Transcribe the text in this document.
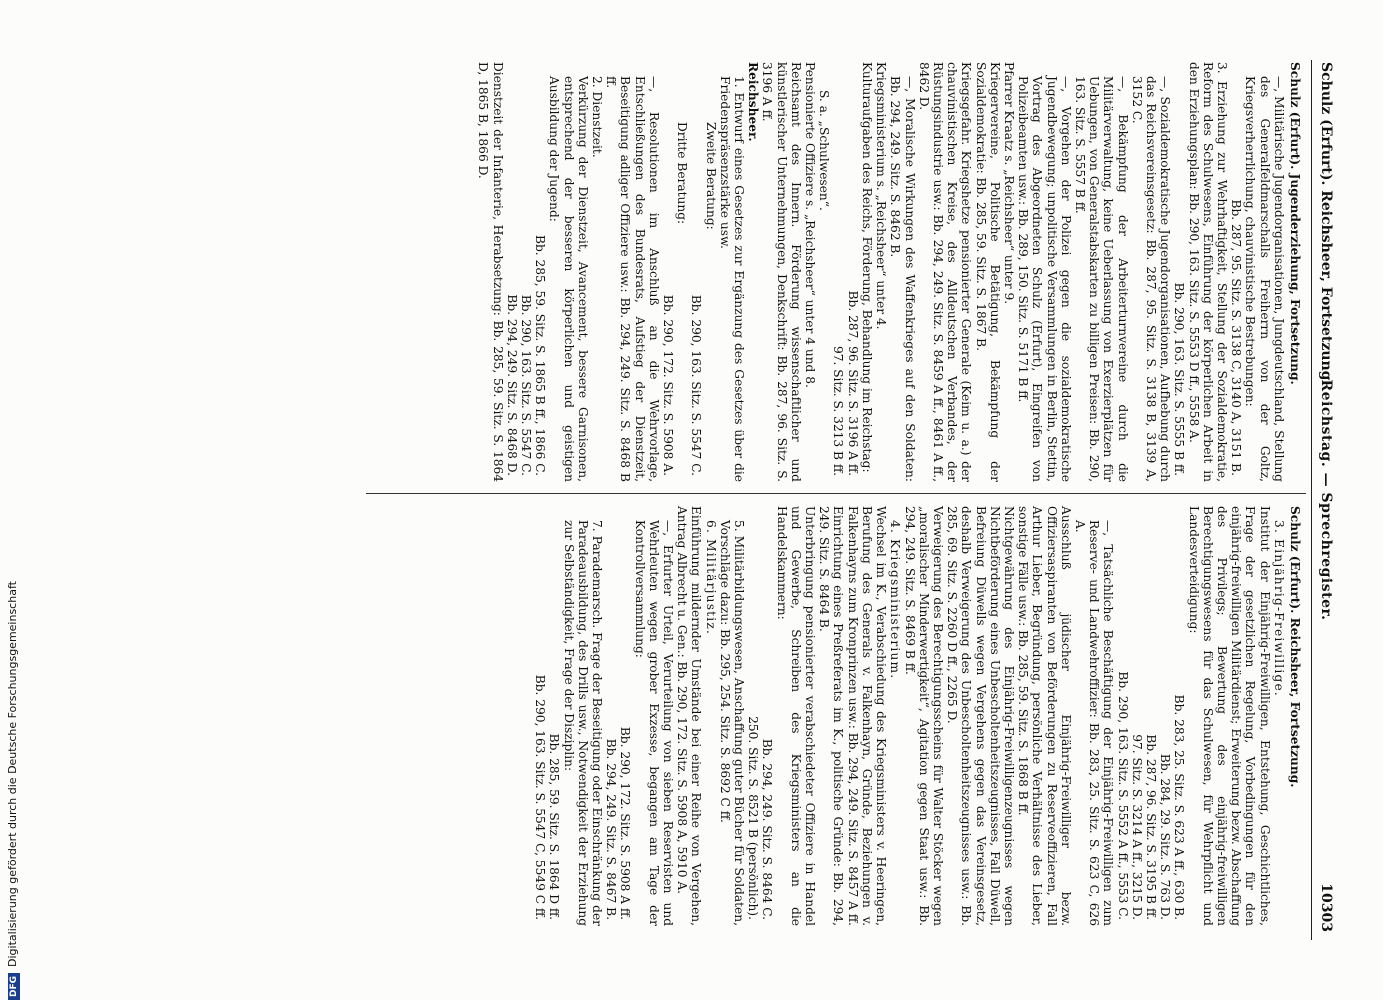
Schulz (Erfurt). Reichsheer, Fortsetzung.
Reichstag. — Sprechregister.
10303
Schulz (Erfurt). Jugenderziehung, Fortsetzung.

—, Militärische Jugendorganisationen, Jungdeutschland, Stellung des Generalfeldmarschalls Freiherrn von der Goltz, Kriegsverherrlichung, chauvinistische Bestrebungen:

Bb. 287, 95. Sitz. S. 3138 C, 3140 A, 3151 B.

3. Erziehung zur Wehrhaftigkeit, Stellung der Sozialdemokratie, Reform des Schulwesens, Einführung der körperlichen Arbeit in den Erziehungsplan: Bb. 290, 163. Sitz. S. 5553 D ff., 5558 A.

Bb. 290, 163. Sitz. S. 5555 B ff.

—, Sozialdemokratische Jugendorganisationen, Aufhebung durch das Reichsvereinsgesetz: Bb. 287, 95. Sitz. S. 3138 B, 3139 A, 3152 C.

—, Bekämpfung der Arbeiterturnvereine durch die Militärverwaltung, keine Ueberlassung von Exerzierplätzen für Uebungen, von Generalstabskarten zu billigen Preisen: Bb. 290, 163. Sitz. S. 5557 B ff.

—, Vorgehen der Polizei gegen die sozialdemokratische Jugendbewegung; unpolitische Versammlungen in Berlin, Stettin, Vortrag des Abgeordneten Schulz (Erfurt), Eingreifen von Polizeibeamten usw.: Bb. 289, 150. Sitz. S. 5171 B ff.

Pfarrer Kraatz s. „Reichsheer“ unter 9.

Kriegervereine, Politische Betätigung, Bekämpfung der Sozialdemokratie: Bb. 285, 59. Sitz. S. 1867 B.

Kriegsgefahr. Kriegshetze pensionierter Generale (Keim u. a.) der chauvinistischen Kreise, des Alldeutschen Verbandes, der Rüstungsindustrie usw.: Bb. 294, 249. Sitz. S. 8459 A ff., 8461 A ff., 8462 D.

—, Moralische Wirkungen des Waffenkrieges auf den Soldaten: Bb. 294, 249. Sitz. S. 8462 B.

Kriegsministerium s. „Reichsheer“ unter 4.

Kulturaufgaben des Reichs, Förderung, Behandlung im Reichstag:

Bb. 287, 96. Sitz. S. 3196 A ff.

97. Sitz. S. 3213 B ff.

S. a. „Schulwesen“.

Pensionierte Offiziere s. „Reichsheer“ unter 4 und 8.

Reichsamt des Innern. Förderung wissenschaftlicher und künstlerischer Unternehmungen, Denkschrift: Bb. 287, 96. Sitz. S. 3196 A ff.

Reichsheer.

1. Entwurf eines Gesetzes zur Ergänzung des Gesetzes über die Friedenspräsenzstärke usw.

Zweite Beratung:

Bb. 290, 163. Sitz. S. 5547 C.

Dritte Beratung:

Bb. 290, 172. Sitz. S. 5908 A.

—, Resolutionen im Anschluß an die Wehrvorlage, Entschließungen des Bundesrats, Aufstieg der Dienstzeit, Beseitigung adliger Offiziere usw.: Bb. 294, 249. Sitz. S. 8468 B ff.

2. Dienstzeit.

Verkürzung der Dienstzeit, Avancement, bessere Garnisonen, entsprechend der besseren körperlichen und geistigen Ausbildung der Jugend:

Bb. 285, 59. Sitz. S. 1865 B ff., 1866 C.

Bb. 290, 163. Sitz. S. 5547 C.

Bb. 294, 249. Sitz. S. 8468 D.

Dienstzeit der Infanterie, Herabsetzung: Bb. 285, 59. Sitz. S. 1864 D, 1865 B, 1866 D.

Schulz (Erfurt). Reichsheer, Fortsetzung.

3. Einjährig-Freiwillige.

Institut der Einjährig-Freiwilligen, Entstehung, Geschichtliches, Frage der gesetzlichen Regelung, Vorbedingungen für den einjährig-freiwilligen Militärdienst; Erweiterung bezw. Abschaffung des Privilegs; Bewertung des einjährig-freiwilligen Berechtigungswesens für das Schulwesen, für Wehrpflicht und Landesverteidigung:

Bb. 283, 25. Sitz. S. 623 A ff., 630 B.

Bb. 284, 29. Sitz. S. 763 D.

Bb. 287, 96. Sitz. S. 3195 B ff.

97. Sitz. S. 3214 A ff., 3215 D.

Bb. 290, 163. Sitz. S. 5552 A ff., 5553 C.

—, Tatsächliche Beschäftigung der Einjährig-Freiwilligen zum Reserve- und Landwehroffizier: Bb. 283, 25. Sitz. S. 623 C, 626 A.

Ausschluß jüdischer Einjährig-Freiwilliger bezw. Offiziersaspiranten von Beförderungen zu Reserveoffizieren, Fall Arthur Lieber, Begründung, persönliche Verhältnisse des Lieber, sonstige Fälle usw.: Bb. 285, 59. Sitz. S. 1868 B ff.

Nichtgewährung des Einjährig-Freiwilligenzeugnisses wegen Nichtbeförderung eines Unbescholtenheitszeugnisses, Fall Düwell, Befreiung Düwells wegen Vergehens gegen das Vereinsgesetz, deshalb Verweigerung des Unbescholtenheitszeugnisses usw.: Bb. 285, 69. Sitz. S. 2260 D ff., 2265 D.

Verweigerung des Berechtigungsscheins für Walter Stöcker wegen „moralischer Minderwertigkeit“, Agitation gegen Staat usw.: Bb. 294, 249. Sitz. S. 8469 B ff.

4. Kriegsministerium.

Wechsel im K., Verabschiedung des Kriegsministers v. Heeringen, Berufung des Generals v. Falkenhayn, Gründe, Beziehungen v. Falkenhayns zum Kronprinzen usw.: Bb. 294, 249. Sitz. S. 8457 A ff.

Einrichtung eines Preßreferats im K., politische Gründe: Bb. 294, 249. Sitz. S. 8464 B.

Unterbringung pensionierter verabschiedeter Offiziere in Handel und Gewerbe, Schreiben des Kriegsministers an die Handelskammern:

Bb. 294, 249. Sitz. S. 8464 C.

250. Sitz. S. 8521 B (persönlich).

5. Militärbildungswesen, Anschaffung guter Bücher für Soldaten, Vorschläge dazu: Bb. 295, 254. Sitz. S. 8692 C ff.

6. Militärjustiz.

Einführung mildernder Umstände bei einer Reihe von Vergehen, Antrag Albrecht u. Gen.: Bb. 290, 172. Sitz. S. 5908 A, 5910 A.

—, Erfurter Urteil, Verurteilung von sieben Reservisten und Wehrleuten wegen grober Exzesse, begangen am Tage der Kontrollversammlung:

Bb. 290, 172. Sitz. S. 5908 A ff.

Bb. 294, 249. Sitz. S. 8467 B.

7. Parademarsch. Frage der Beseitigung oder Einschränkung der Paradeausbildung, des Drills usw., Notwendigkeit der Erziehung zur Selbständigkeit, Frage der Disziplin:

Bb. 285, 59. Sitz. S. 1864 D ff.

Bb. 290, 163. Sitz. S. 5547 C, 5549 C ff.

DFGDigitalisierung gefördert durch die Deutsche Forschungsgemeinschaft
